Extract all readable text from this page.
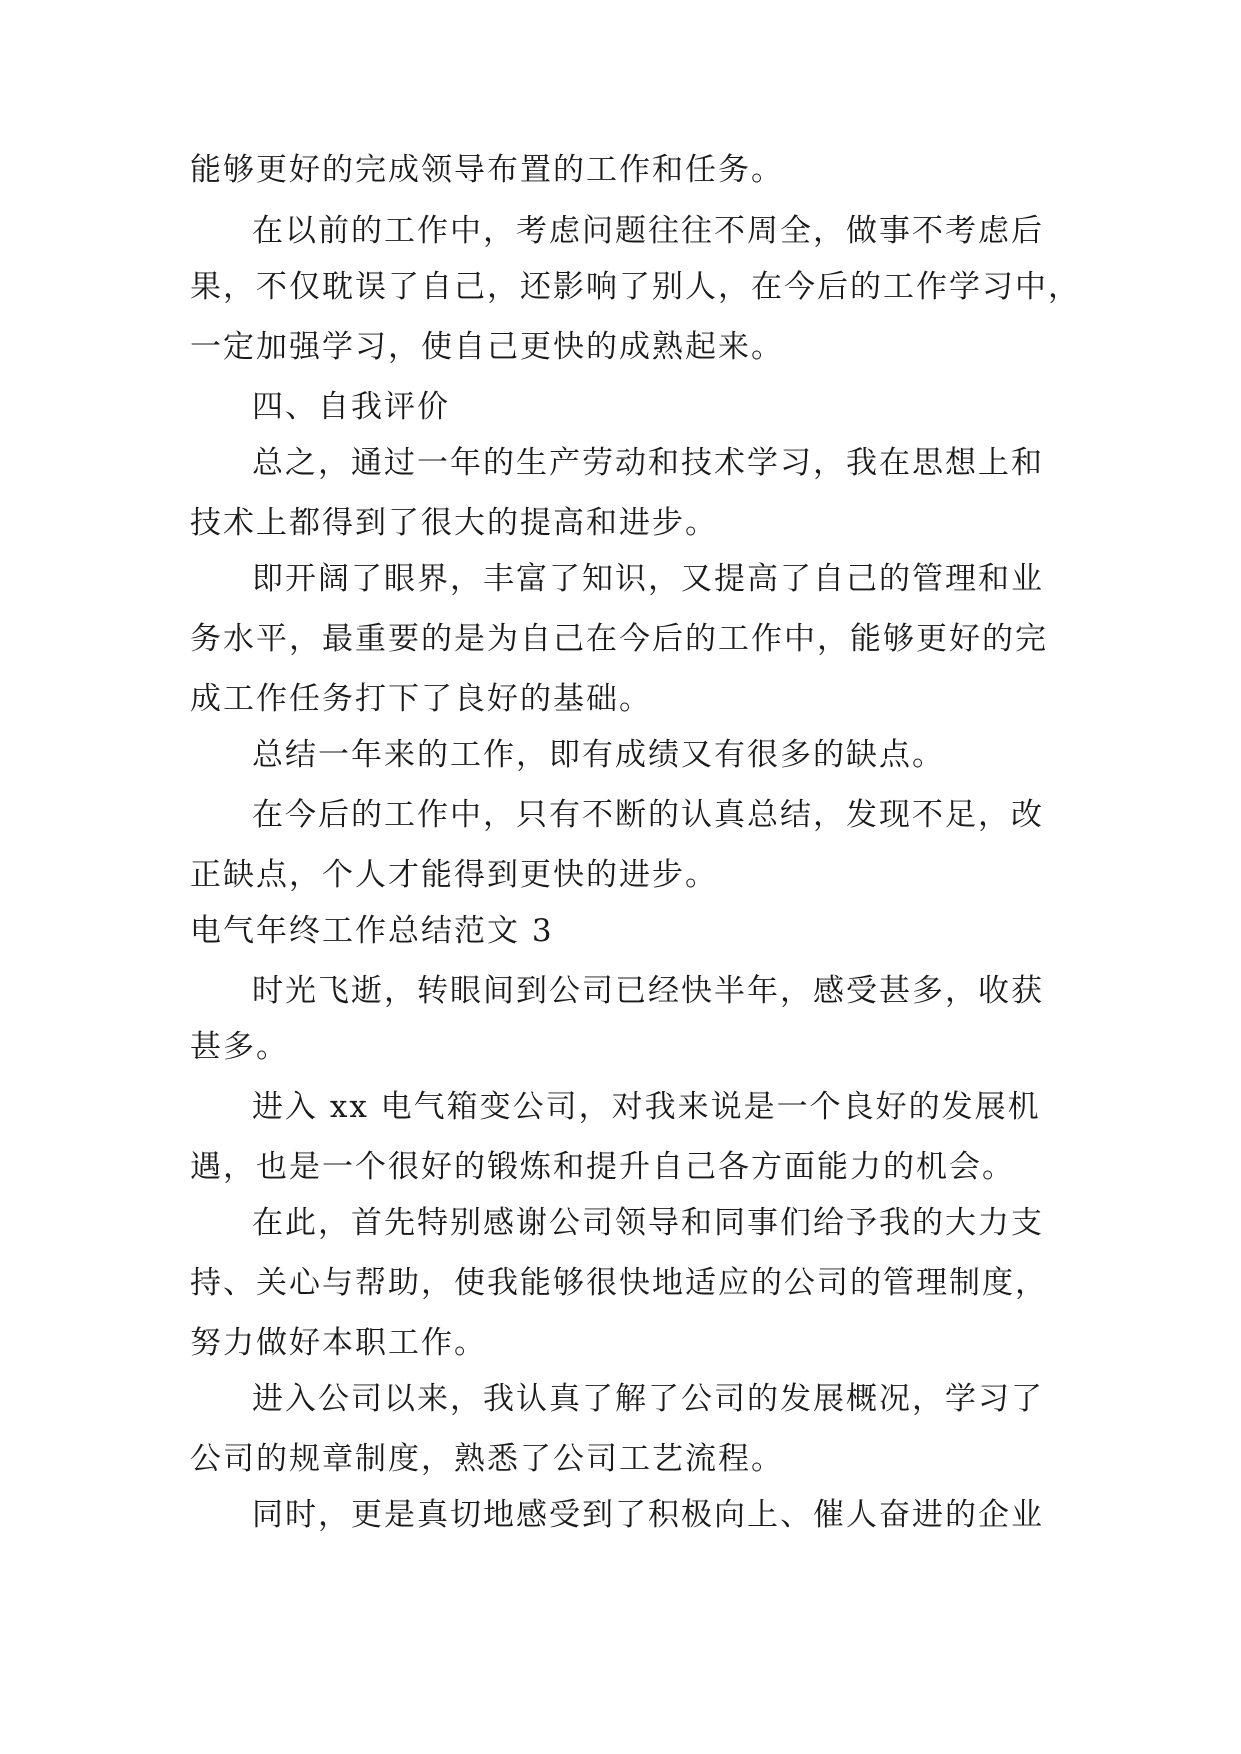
能够更好的完成领导布置的工作和任务。
在以前的工作中，考虑问题往往不周全，做事不考虑后
果，不仅耽误了自己，还影响了别人，在今后的工作学习中，
一定加强学习，使自己更快的成熟起来。
四、自我评价
总之，通过一年的生产劳动和技术学习，我在思想上和
技术上都得到了很大的提高和进步。
即开阔了眼界，丰富了知识，又提高了自己的管理和业
务水平，最重要的是为自己在今后的工作中，能够更好的完
成工作任务打下了良好的基础。
总结一年来的工作，即有成绩又有很多的缺点。
在今后的工作中，只有不断的认真总结，发现不足，改
正缺点，个人才能得到更快的进步。
电气年终工作总结范文 3
时光飞逝，转眼间到公司已经快半年，感受甚多，收获
甚多。
进入 xx 电气箱变公司，对我来说是一个良好的发展机
遇，也是一个很好的锻炼和提升自己各方面能力的机会。
在此，首先特别感谢公司领导和同事们给予我的大力支
持、关心与帮助，使我能够很快地适应的公司的管理制度，
努力做好本职工作。
进入公司以来，我认真了解了公司的发展概况，学习了
公司的规章制度，熟悉了公司工艺流程。
同时，更是真切地感受到了积极向上、催人奋进的企业
